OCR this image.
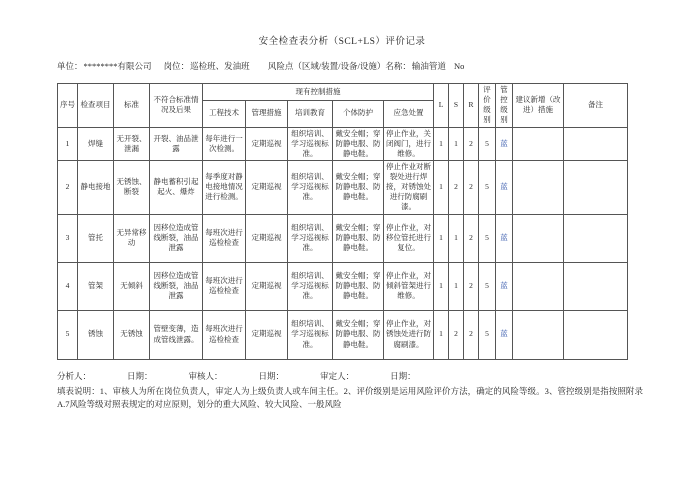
安全检查表分析（SCL+LS）评价记录
单位：********有限公司 岗位：巡检班、发油班 风险点（区域/装置/设备/设施）名称：输油管道 No
序号	检查项目	标准	不符合标准情况及后果	现有控制措施					L	S	R	评价级别	管控级别	建议新增（改进）措施	备注
				工程技术	管理措施	培训教育	个体防护	应急处置							
1	焊缝	无开裂、泄漏	开裂、油品泄露	每年进行一次检测。	定期巡视	组织培训、学习巡视标准。	戴安全帽；穿防静电服、防静电鞋。	停止作业，关闭阀门，进行维修。	1	1	2	5	蓝		
2	静电接地	无锈蚀、断裂	静电蓄积引起起火、爆炸	每季度对静电接地情况进行检测。	定期巡视	组织培训、学习巡视标准。	戴安全帽；穿防静电服、防静电鞋。	停止作业对断裂处进行焊接，对锈蚀处进行防腐刷漆。	1	2	2	5	蓝		
3	管托	无异常移动	因移位造成管线断裂，油品泄露	每班次进行巡检检查	定期巡视	组织培训、学习巡视标准。	戴安全帽；穿防静电服、防静电鞋。	停止作业，对移位管托进行复位。	1	1	2	5	蓝		
4	管架	无倾斜	因移位造成管线断裂，油品泄露	每班次进行巡检检查	定期巡视	组织培训、学习巡视标准。	戴安全帽；穿防静电服、防静电鞋。	停止作业，对倾斜管架进行维修。	1	1	2	5	蓝		
5	锈蚀	无锈蚀	管壁变薄，造成管线泄露。	每班次进行巡检检查	定期巡视	组织培训、学习巡视标准。	戴安全帽；穿防静电服、防静电鞋。	停止作业，对锈蚀处进行防腐刷漆。	1	2	2	5	蓝		
分析人：	日期：	审核人：	日期：	审定人：	日期：
填表说明：1、审核人为所在岗位负责人，审定人为上级负责人或车间主任。2、评价级别是运用风险评价方法，确定的风险等级。3、管控级别是指按照附录A.7风险等级对照表规定的对应原则，划分的重大风险、较大风险、一般风险
